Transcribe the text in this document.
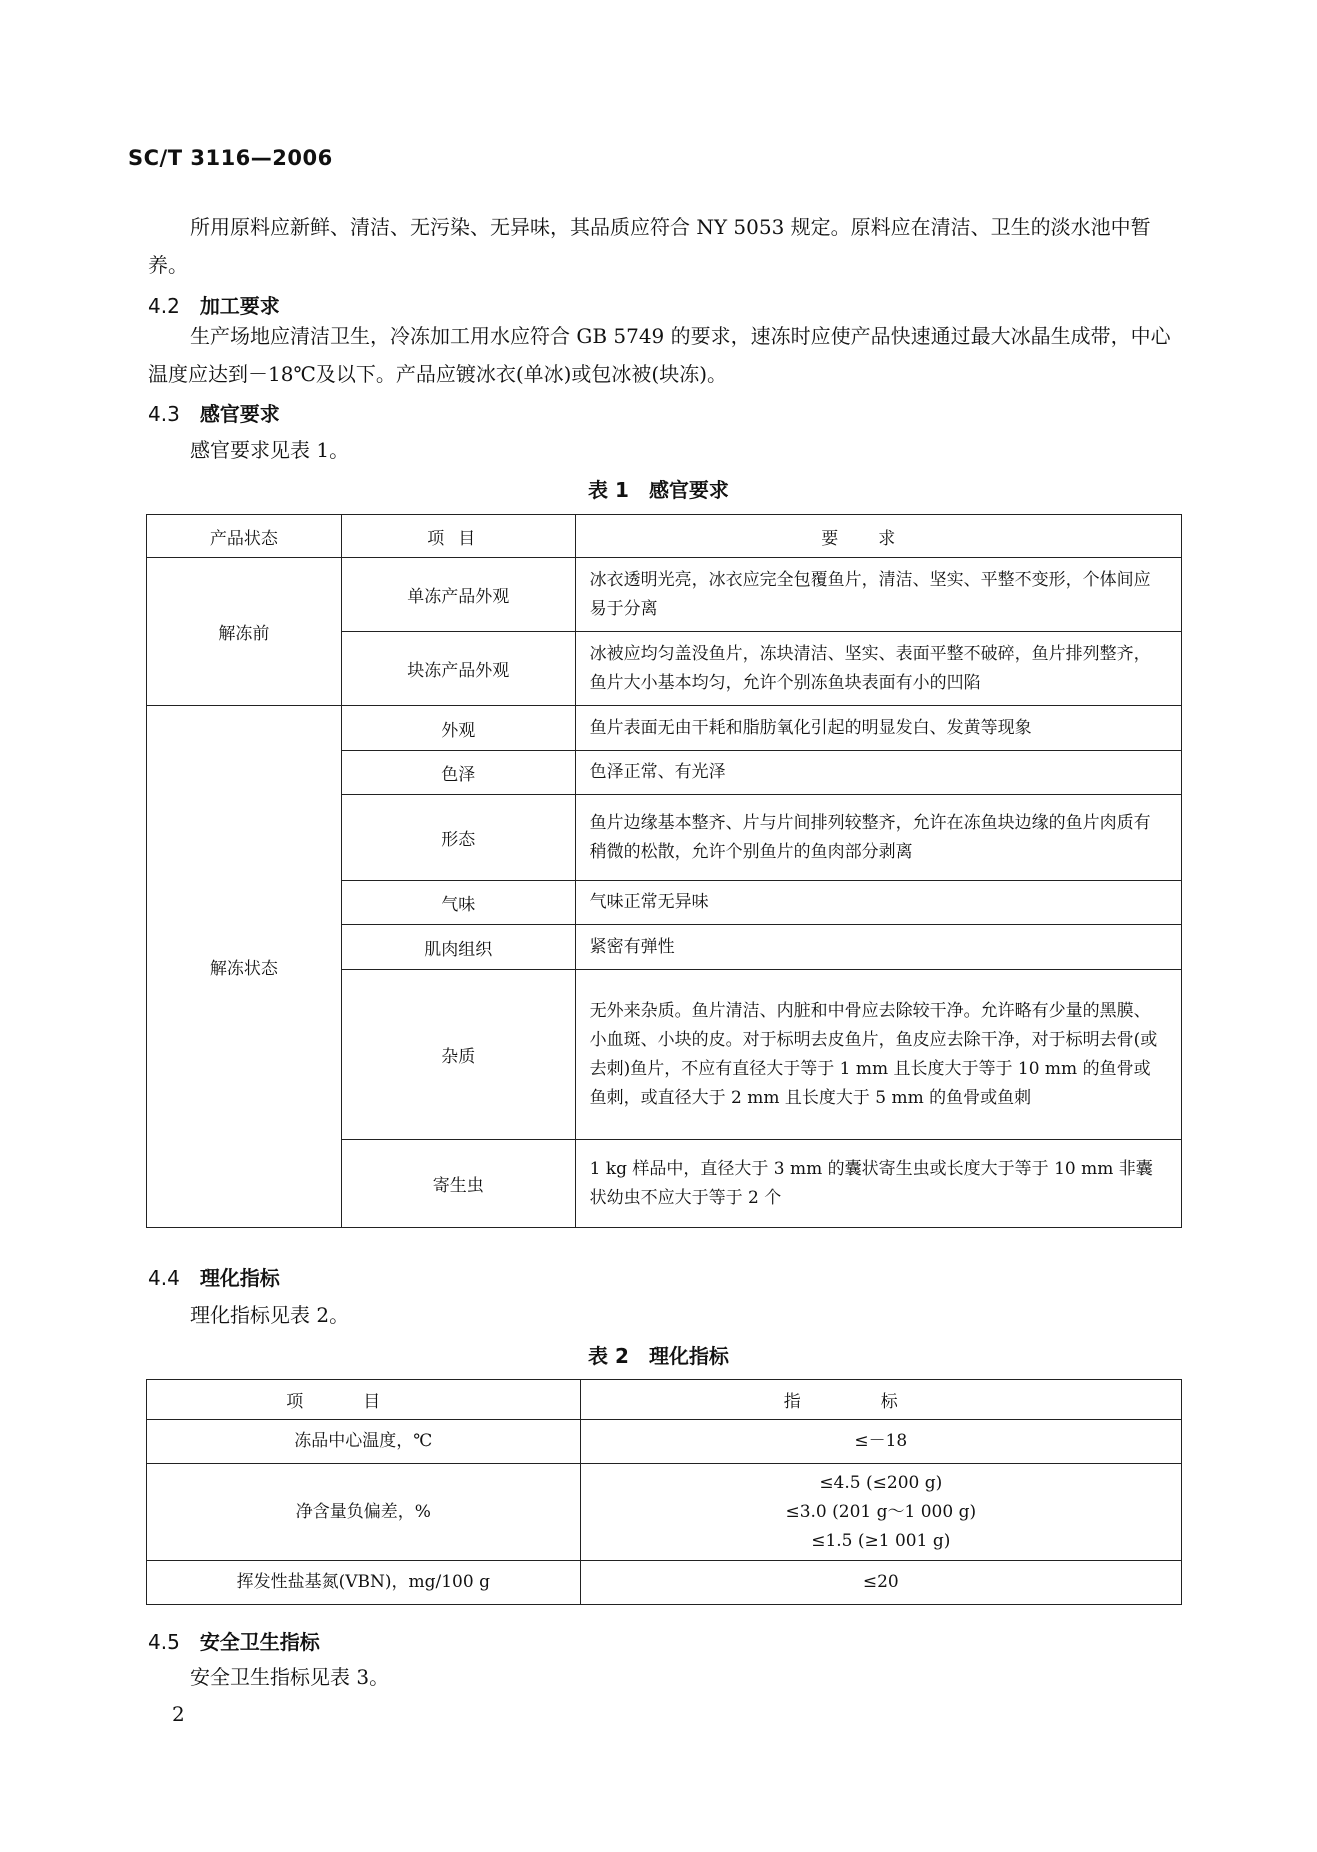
SC/T 3116—2006
所用原料应新鲜、清洁、无污染、无异味，其品质应符合 NY 5053 规定。原料应在清洁、卫生的淡水池中暂养。
4.2 加工要求
生产场地应清洁卫生，冷冻加工用水应符合 GB 5749 的要求，速冻时应使产品快速通过最大冰晶生成带，中心温度应达到－18℃及以下。产品应镀冰衣(单冰)或包冰被(块冻)。
4.3 感官要求
感官要求见表 1。
表 1 感官要求
产品状态	项目	要求
解冻前	单冻产品外观	冰衣透明光亮，冰衣应完全包覆鱼片，清洁、坚实、平整不变形，个体间应易于分离
	块冻产品外观	冰被应均匀盖没鱼片，冻块清洁、坚实、表面平整不破碎，鱼片排列整齐，鱼片大小基本均匀，允许个别冻鱼块表面有小的凹陷
解冻状态	外观	鱼片表面无由干耗和脂肪氧化引起的明显发白、发黄等现象
	色泽	色泽正常、有光泽
	形态	鱼片边缘基本整齐、片与片间排列较整齐，允许在冻鱼块边缘的鱼片肉质有稍微的松散，允许个别鱼片的鱼肉部分剥离
	气味	气味正常无异味
	肌肉组织	紧密有弹性
	杂质	无外来杂质。鱼片清洁、内脏和中骨应去除较干净。允许略有少量的黑膜、小血斑、小块的皮。对于标明去皮鱼片，鱼皮应去除干净，对于标明去骨(或去刺)鱼片，不应有直径大于等于 1 mm 且长度大于等于 10 mm 的鱼骨或鱼刺，或直径大于 2 mm 且长度大于 5 mm 的鱼骨或鱼刺
	寄生虫	1 kg 样品中，直径大于 3 mm 的囊状寄生虫或长度大于等于 10 mm 非囊状幼虫不应大于等于 2 个
4.4 理化指标
理化指标见表 2。
表 2 理化指标
项目	指标
冻品中心温度，℃	≤－18
净含量负偏差，%	≤4.5 (≤200 g)
≤3.0 (201 g～1 000 g)
≤1.5 (≥1 001 g)

挥发性盐基氮(VBN)，mg/100 g	≤20
4.5 安全卫生指标
安全卫生指标见表 3。
2
